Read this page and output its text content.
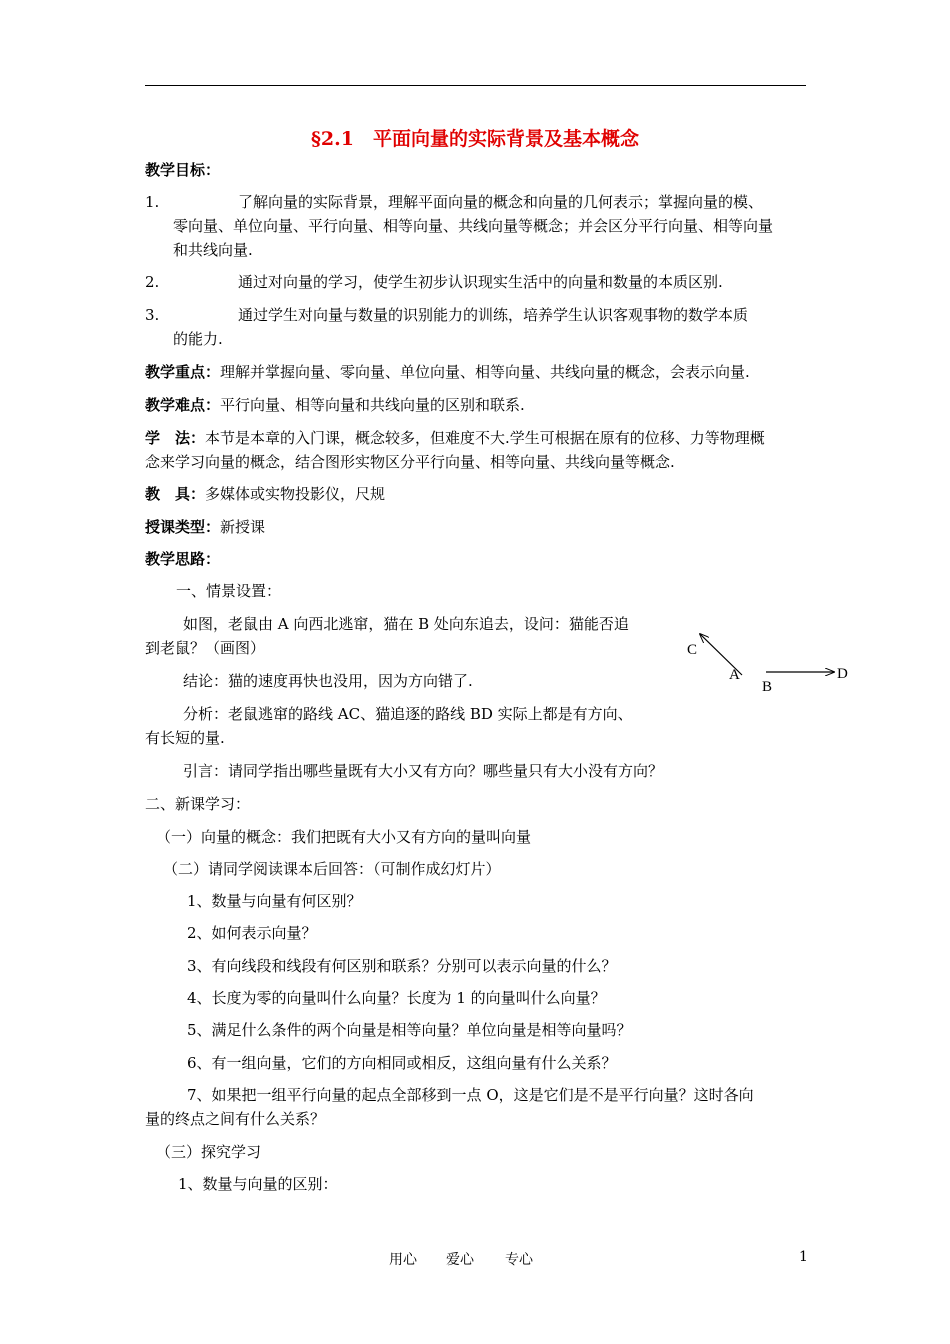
§2.1　平面向量的实际背景及基本概念
教学目标：
1.	了解向量的实际背景，理解平面向量的概念和向量的几何表示；掌握向量的模、
零向量、单位向量、平行向量、相等向量、共线向量等概念；并会区分平行向量、相等向量
和共线向量.
2.	通过对向量的学习，使学生初步认识现实生活中的向量和数量的本质区别.
3.	通过学生对向量与数量的识别能力的训练，培养学生认识客观事物的数学本质
的能力.
教学重点：理解并掌握向量、零向量、单位向量、相等向量、共线向量的概念，会表示向量.
教学难点：平行向量、相等向量和共线向量的区别和联系.
学　法：本节是本章的入门课，概念较多，但难度不大.学生可根据在原有的位移、力等物理概
念来学习向量的概念，结合图形实物区分平行向量、相等向量、共线向量等概念.
教　具：多媒体或实物投影仪，尺规
授课类型：新授课
教学思路：
一、情景设置：
如图，老鼠由 A 向西北逃窜，猫在 B 处向东追去，设问：猫能否追
到老鼠？（画图）
结论：猫的速度再快也没用，因为方向错了.
分析：老鼠逃窜的路线 AC、猫追逐的路线 BD 实际上都是有方向、
有长短的量.
引言：请同学指出哪些量既有大小又有方向？哪些量只有大小没有方向？
C
A
B
D
二、新课学习：
（一）向量的概念：我们把既有大小又有方向的量叫向量
（二）请同学阅读课本后回答：（可制作成幻灯片）
1、数量与向量有何区别？
2、如何表示向量？
3、有向线段和线段有何区别和联系？分别可以表示向量的什么？
4、长度为零的向量叫什么向量？长度为 1 的向量叫什么向量？
5、满足什么条件的两个向量是相等向量？单位向量是相等向量吗？
6、有一组向量，它们的方向相同或相反，这组向量有什么关系？
7、如果把一组平行向量的起点全部移到一点 O，这是它们是不是平行向量？这时各向
量的终点之间有什么关系？
（三）探究学习
1、数量与向量的区别：
用心 爱心 专心	1
